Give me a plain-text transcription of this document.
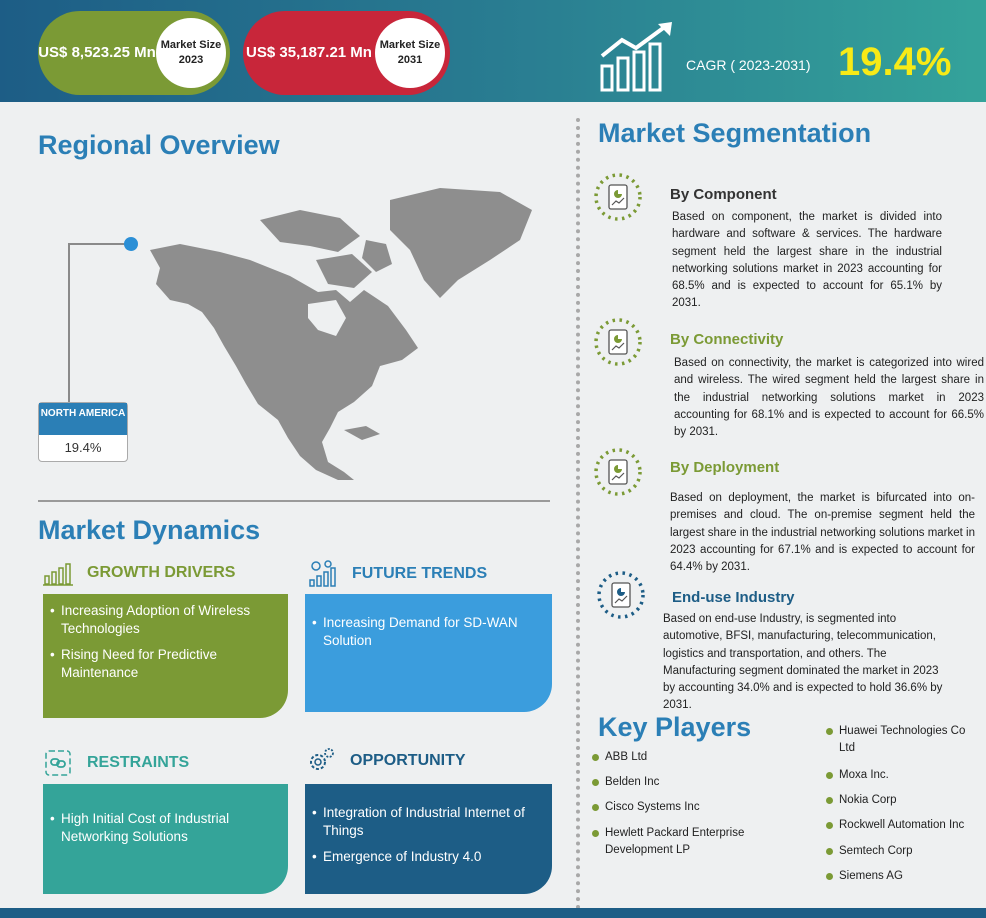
US$ 8,523.25 Mn Market Size 2023	US$ 35,187.21 Mn Market Size 2031	CAGR ( 2023-2031) 19.4%
Regional Overview
NORTH AMERICA
19.4%
Market Dynamics
GROWTH DRIVERS
• Increasing Adoption of Wireless Technologies
• Rising Need for Predictive Maintenance
FUTURE TRENDS
• Increasing Demand for SD-WAN Solution
RESTRAINTS
• High Initial Cost of Industrial Networking Solutions
OPPORTUNITY
• Integration of Industrial Internet of Things
• Emergence of Industry 4.0
Market Segmentation
By Component
Based on component, the market is divided into hardware and software & services. The hardware segment held the largest share in the industrial networking solutions market in 2023 accounting for 68.5% and is expected to account for 65.1% by 2031.
By Connectivity
Based on connectivity, the market is categorized into wired and wireless. The wired segment held the largest share in the industrial networking solutions market in 2023 accounting for 68.1% and is expected to account for 66.5% by 2031.
By Deployment
Based on deployment, the market is bifurcated into on-premises and cloud. The on-premise segment held the largest share in the industrial networking solutions market in 2023 accounting for 67.1% and is expected to account for 64.4% by 2031.
End-use Industry
Based on end-use Industry, is segmented into automotive, BFSI, manufacturing, telecommunication, logistics and transportation, and others. The Manufacturing segment dominated the market in 2023 by accounting 34.0% and is expected to hold 36.6% by 2031.
Key Players
ABB Ltd
Belden Inc
Cisco Systems Inc
Hewlett Packard Enterprise Development LP
Huawei Technologies Co Ltd
Moxa Inc.
Nokia Corp
Rockwell Automation Inc
Semtech Corp
Siemens AG
